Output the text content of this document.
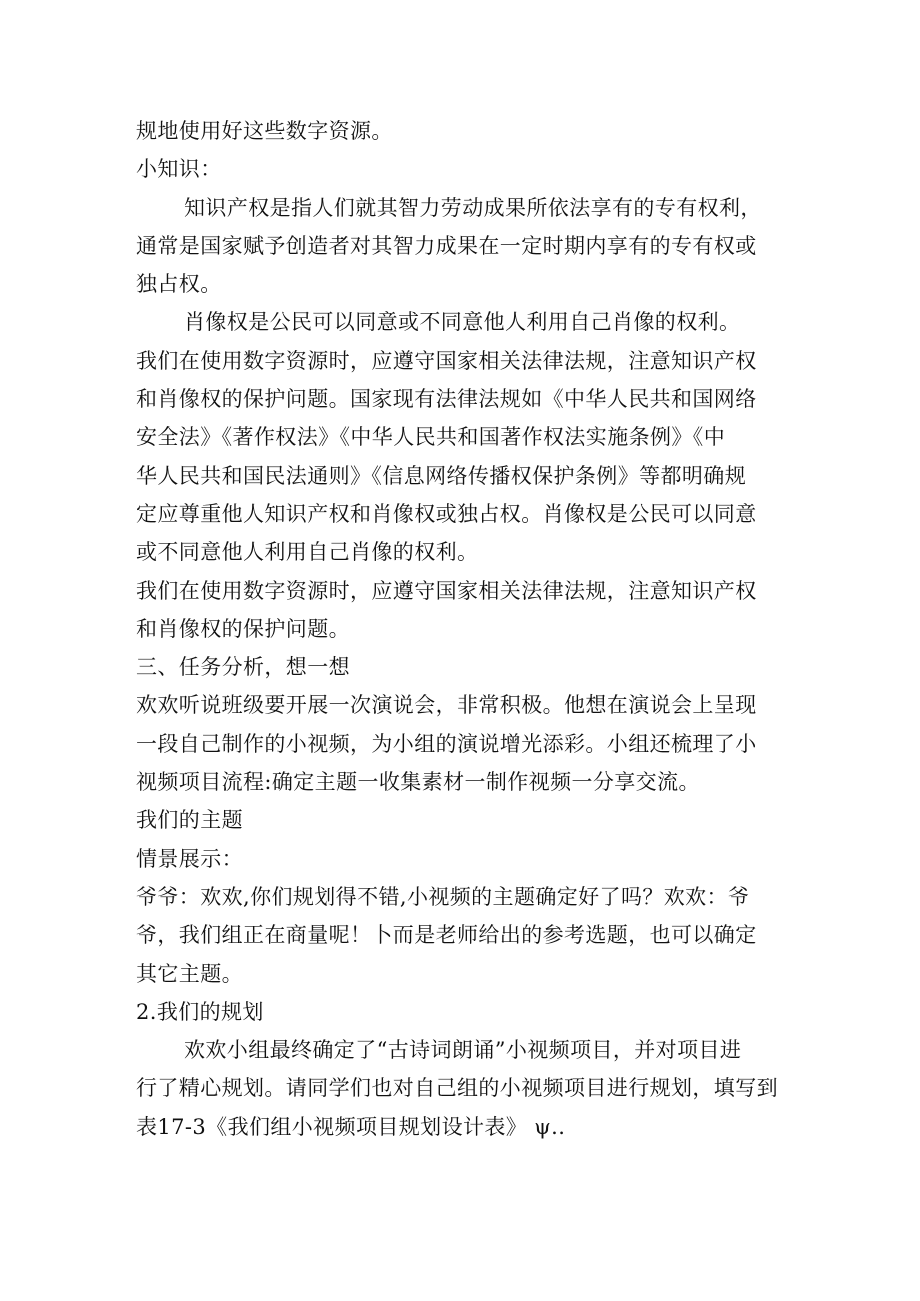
规地使用好这些数字资源。
小知识：
知识产权是指人们就其智力劳动成果所依法享有的专有权利，
通常是国家赋予创造者对其智力成果在一定时期内享有的专有权或
独占权。
肖像权是公民可以同意或不同意他人利用自己肖像的权利。
我们在使用数字资源时，应遵守国家相关法律法规，注意知识产权
和肖像权的保护问题。国家现有法律法规如《中华人民共和国网络
安全法》《著作权法》《中华人民共和国著作权法实施条例》《中
华人民共和国民法通则》《信息网络传播权保护条例》等都明确规
定应尊重他人知识产权和肖像权或独占权。肖像权是公民可以同意
或不同意他人利用自己肖像的权利。
我们在使用数字资源时，应遵守国家相关法律法规，注意知识产权
和肖像权的保护问题。
三、任务分析，想一想
欢欢听说班级要开展一次演说会，非常积极。他想在演说会上呈现
一段自己制作的小视频，为小组的演说增光添彩。小组还梳理了小
视频项目流程:确定主题一收集素材一制作视频一分享交流。
我们的主题
情景展示：
爷爷：欢欢,你们规划得不错,小视频的主题确定好了吗？欢欢：爷
爷，我们组正在商量呢！卜而是老师给出的参考选题，也可以确定
其它主题。
2.我们的规划
欢欢小组最终确定了“古诗词朗诵”小视频项目，并对项目进
行了精心规划。请同学们也对自己组的小视频项目进行规划，填写到
表17-3《我们组小视频项目规划设计表》 ψ..
